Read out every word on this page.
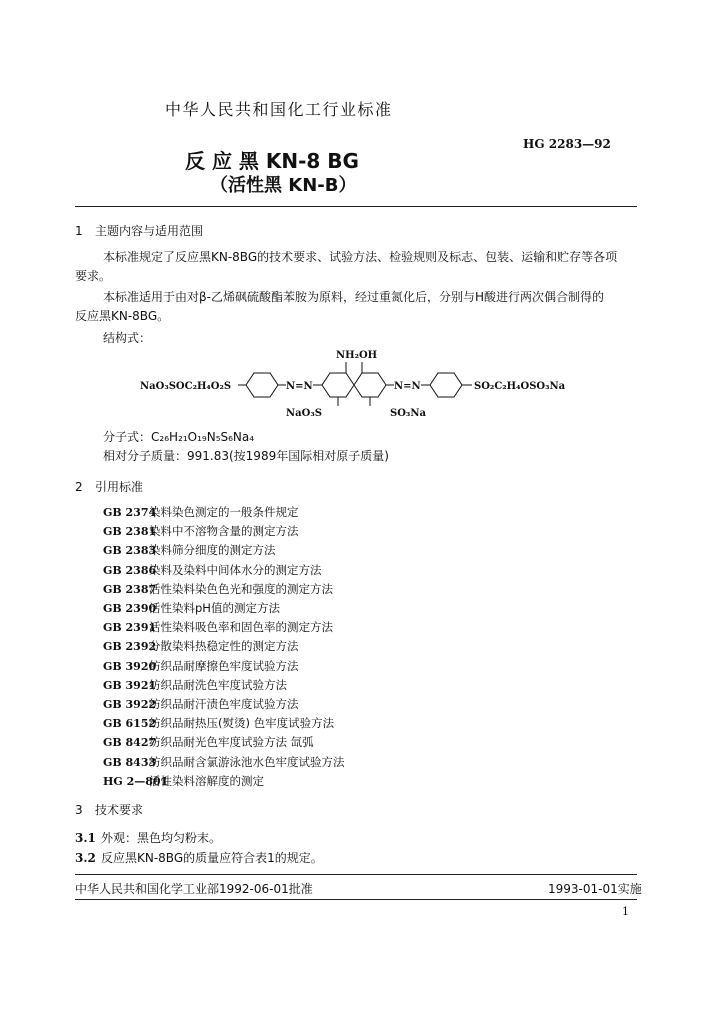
中华人民共和国化工行业标准
HG 2283—92
反 应 黑 KN-8 BG
（活性黑 KN-B）
1 主题内容与适用范围
本标准规定了反应黑KN-8BG的技术要求、试验方法、检验规则及标志、包装、运输和贮存等各项
要求。
本标准适用于由对β-乙烯砜硫酸酯苯胺为原料，经过重氮化后，分别与H酸进行两次偶合制得的
反应黑KN-8BG。
结构式：
NH₂OH
NaO₃SOC₂H₄O₂S	N=N
NaO₃S	SO₃Na
N=N	SO₂C₂H₄OSO₃Na
分子式：C₂₆H₂₁O₁₉N₅S₆Na₄
相对分子质量：991.83(按1989年国际相对原子质量)
2 引用标准
GB 2374染料染色测定的一般条件规定
GB 2381染料中不溶物含量的测定方法
GB 2383染料筛分细度的测定方法
GB 2386染料及染料中间体水分的测定方法
GB 2387活性染料染色色光和强度的测定方法
GB 2390活性染料pH值的测定方法
GB 2391活性染料吸色率和固色率的测定方法
GB 2392分散染料热稳定性的测定方法
GB 3920纺织品耐摩擦色牢度试验方法
GB 3921纺织品耐洗色牢度试验方法
GB 3922纺织品耐汗渍色牢度试验方法
GB 6152纺织品耐热压(熨烫) 色牢度试验方法
GB 8427纺织品耐光色牢度试验方法 氙弧
GB 8433纺织品耐含氯游泳池水色牢度试验方法
HG 2—801活性染料溶解度的测定
3 技术要求
3.1 外观：黑色均匀粉末。
3.2 反应黑KN-8BG的质量应符合表1的规定。
中华人民共和国化学工业部1992-06-01批准	1993-01-01实施
1
